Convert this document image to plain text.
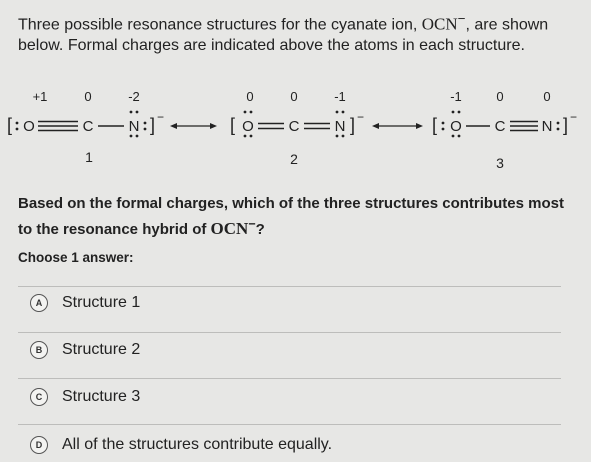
Three possible resonance structures for the cyanate ion, OCN−, are shown below. Formal charges are indicated above the atoms in each structure.
+1	0	-2
[ O	C N ] −
1
0	0	-1
[ O C N ] −
2
-1	0	0
[ O C N ] −
3
Based on the formal charges, which of the three structures contributes most to the resonance hybrid of OCN−?
Choose 1 answer:
A	Structure 1
B	Structure 2
C	Structure 3
D	All of the structures contribute equally.
